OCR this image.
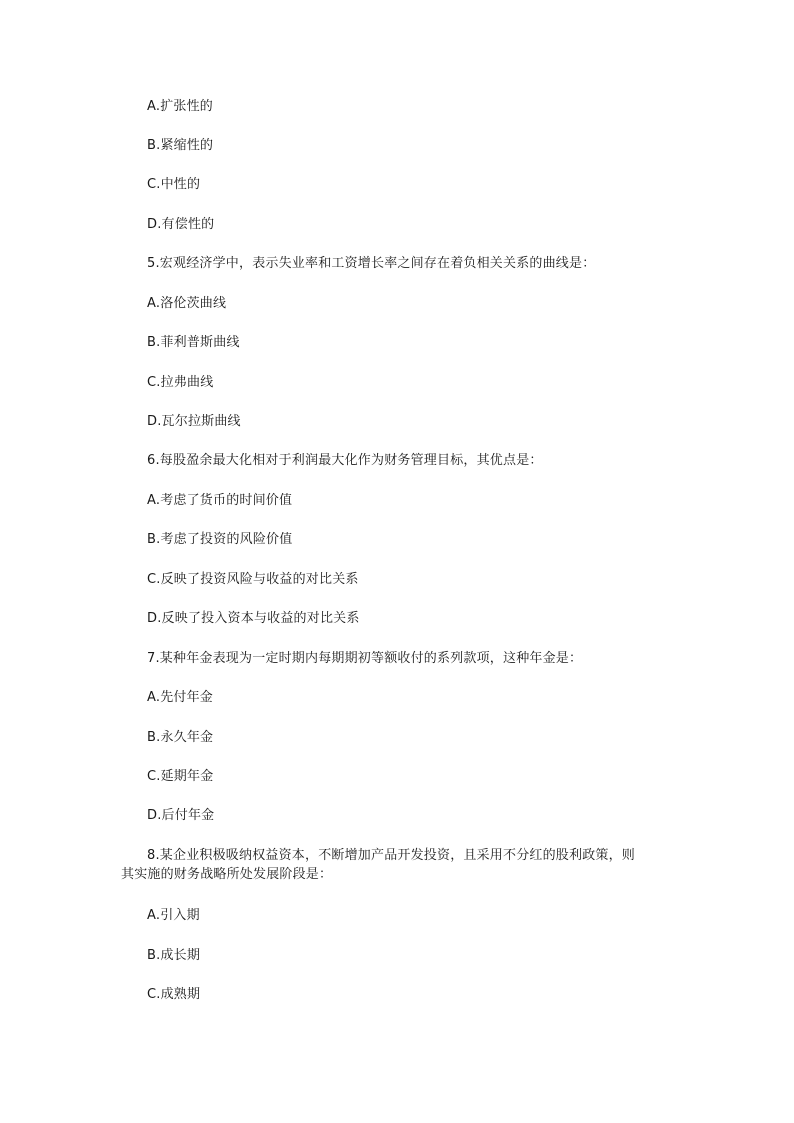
A.扩张性的
B.紧缩性的
C.中性的
D.有偿性的
5.宏观经济学中，表示失业率和工资增长率之间存在着负相关关系的曲线是：
A.洛伦茨曲线
B.菲利普斯曲线
C.拉弗曲线
D.瓦尔拉斯曲线
6.每股盈余最大化相对于利润最大化作为财务管理目标，其优点是：
A.考虑了货币的时间价值
B.考虑了投资的风险价值
C.反映了投资风险与收益的对比关系
D.反映了投入资本与收益的对比关系
7.某种年金表现为一定时期内每期期初等额收付的系列款项，这种年金是：
A.先付年金
B.永久年金
C.延期年金
D.后付年金
8.某企业积极吸纳权益资本，不断增加产品开发投资，且采用不分红的股利政策，则
其实施的财务战略所处发展阶段是：
A.引入期
B.成长期
C.成熟期
